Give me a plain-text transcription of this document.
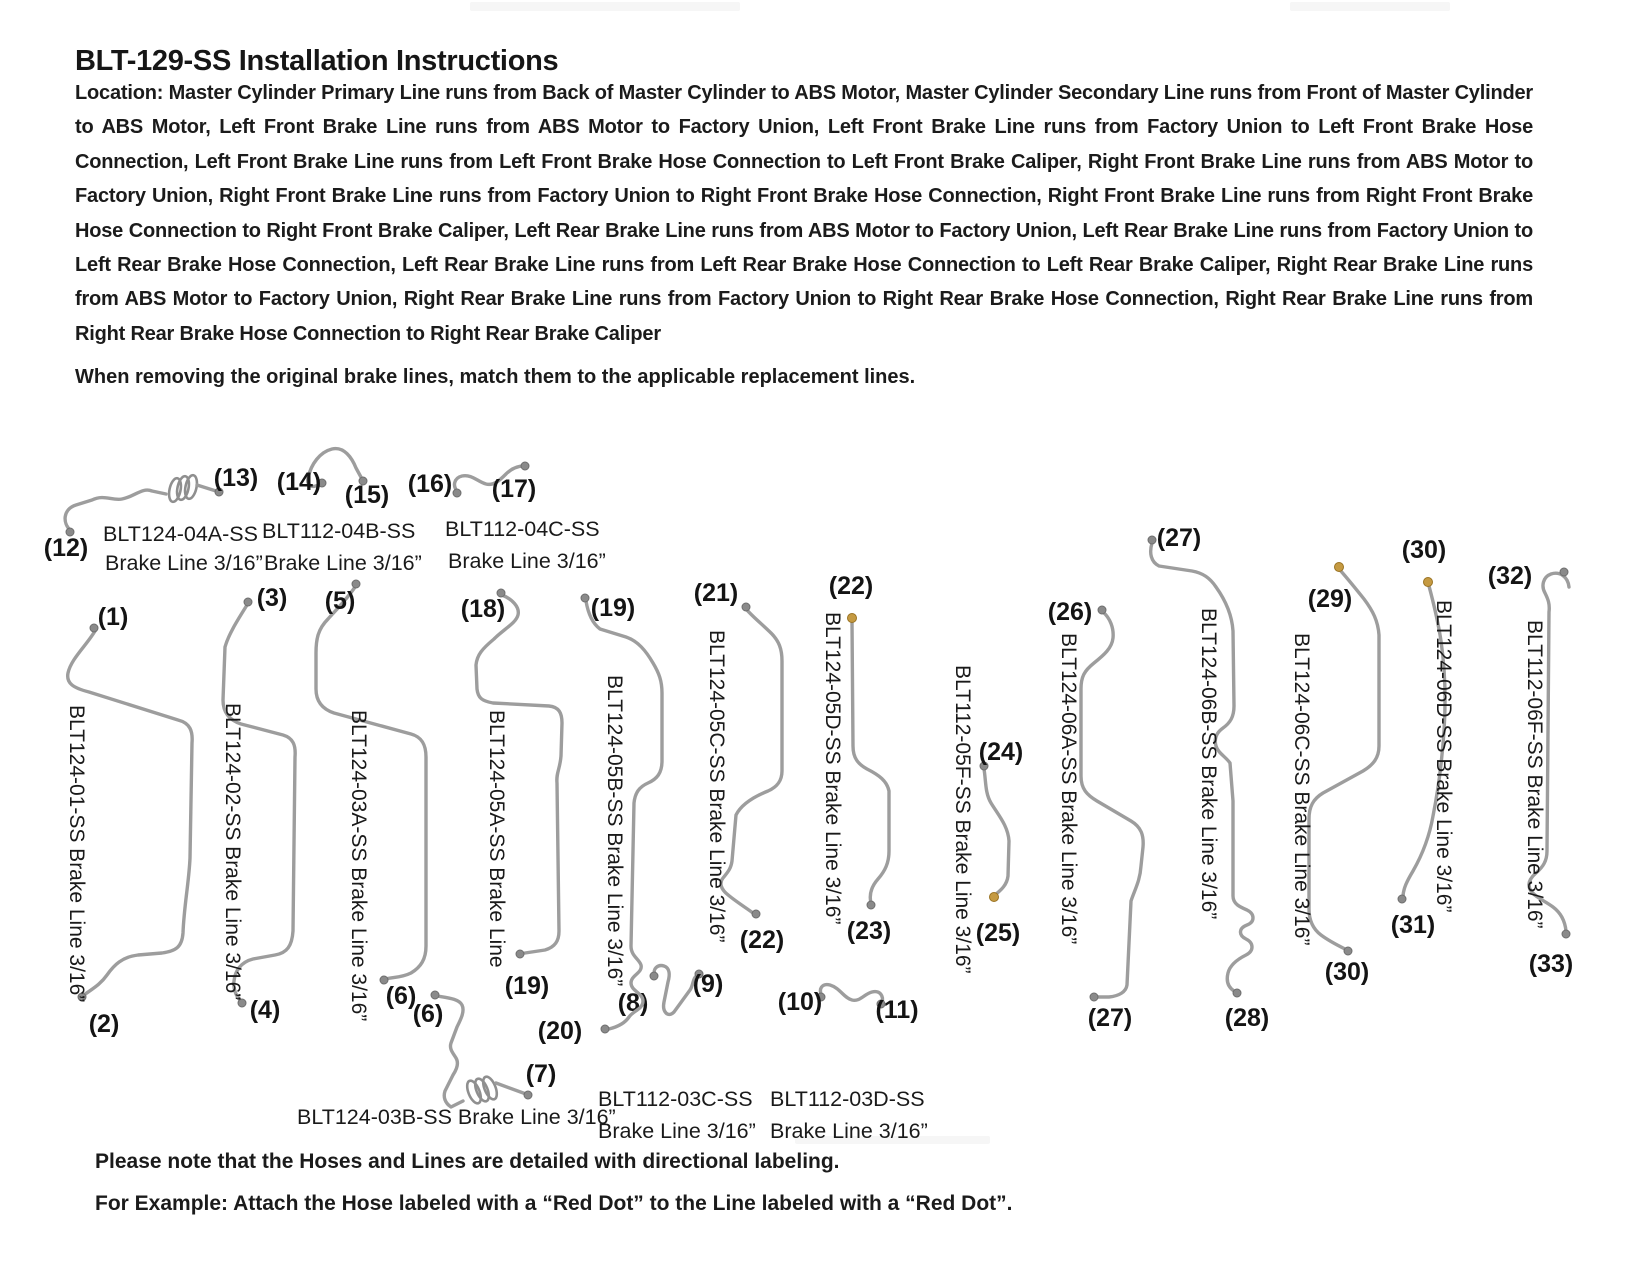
BLT-129-SS Installation Instructions
Location: Master Cylinder Primary Line runs from Back of Master Cylinder to ABS Motor, Master Cylinder Secondary Line runs from Front of Master Cylinder to ABS Motor, Left Front Brake Line runs from ABS Motor to Factory Union, Left Front Brake Line runs from Factory Union to Left Front Brake Hose Connection, Left Front Brake Line runs from Left Front Brake Hose Connection to Left Front Brake Caliper, Right Front Brake Line runs from ABS Motor to Factory Union, Right Front Brake Line runs from Factory Union to Right Front Brake Hose Connection, Right Front Brake Line runs from Right Front Brake Hose Connection to Right Front Brake Caliper, Left Rear Brake Line runs from ABS Motor to Factory Union, Left Rear Brake Line runs from Factory Union to Left Rear Brake Hose Connection, Left Rear Brake Line runs from Left Rear Brake Hose Connection to Left Rear Brake Caliper, Right Rear Brake Line runs from ABS Motor to Factory Union, Right Rear Brake Line runs from Factory Union to Right Rear Brake Hose Connection, Right Rear Brake Line runs from Right Rear Brake Hose Connection to Right Rear Brake Caliper
When removing the original brake lines, match them to the applicable replacement lines.
(12)
(13)
BLT124-04A-SS
Brake Line 3/16”
(14) (15)
BLT112-04B-SS
Brake Line 3/16”
(16) (17)
BLT112-04C-SS
Brake Line 3/16”
(1)
(2)
BLT124-01-SS Brake Line 3/16”
(3)
(4)
BLT124-02-SS Brake Line 3/16”
(5)
(6)
BLT124-03A-SS Brake Line 3/16” (6)
(7)
BLT124-03B-SS Brake Line 3/16”
(8)
(9)
BLT112-03C-SS
Brake Line 3/16”
(10) (11)
BLT112-03D-SS
Brake Line 3/16”
(18)
(19)
BLT124-05A-SS Brake Line
(19)
(20)
BLT124-05B-SS Brake Line 3/16”
(21)
(22)
BLT124-05C-SS Brake Line 3/16”
(22)
(23)
BLT124-05D-SS Brake Line 3/16”	(24)
(25)
BLT112-05F-SS Brake Line 3/16”
(26)
(27)
BLT124-06A-SS Brake Line 3/16”
(27)
(28)
BLT124-06B-SS Brake Line 3/16”
(29)
(30)
BLT124-06C-SS Brake Line 3/16”
(30)
(31)
BLT124-06D-SS Brake Line 3/16”
(32)
(33)
BLT112-06F-SS Brake Line 3/16”
Please note that the Hoses and Lines are detailed with directional labeling.
For Example: Attach the Hose labeled with a “Red Dot” to the Line labeled with a “Red Dot”.
